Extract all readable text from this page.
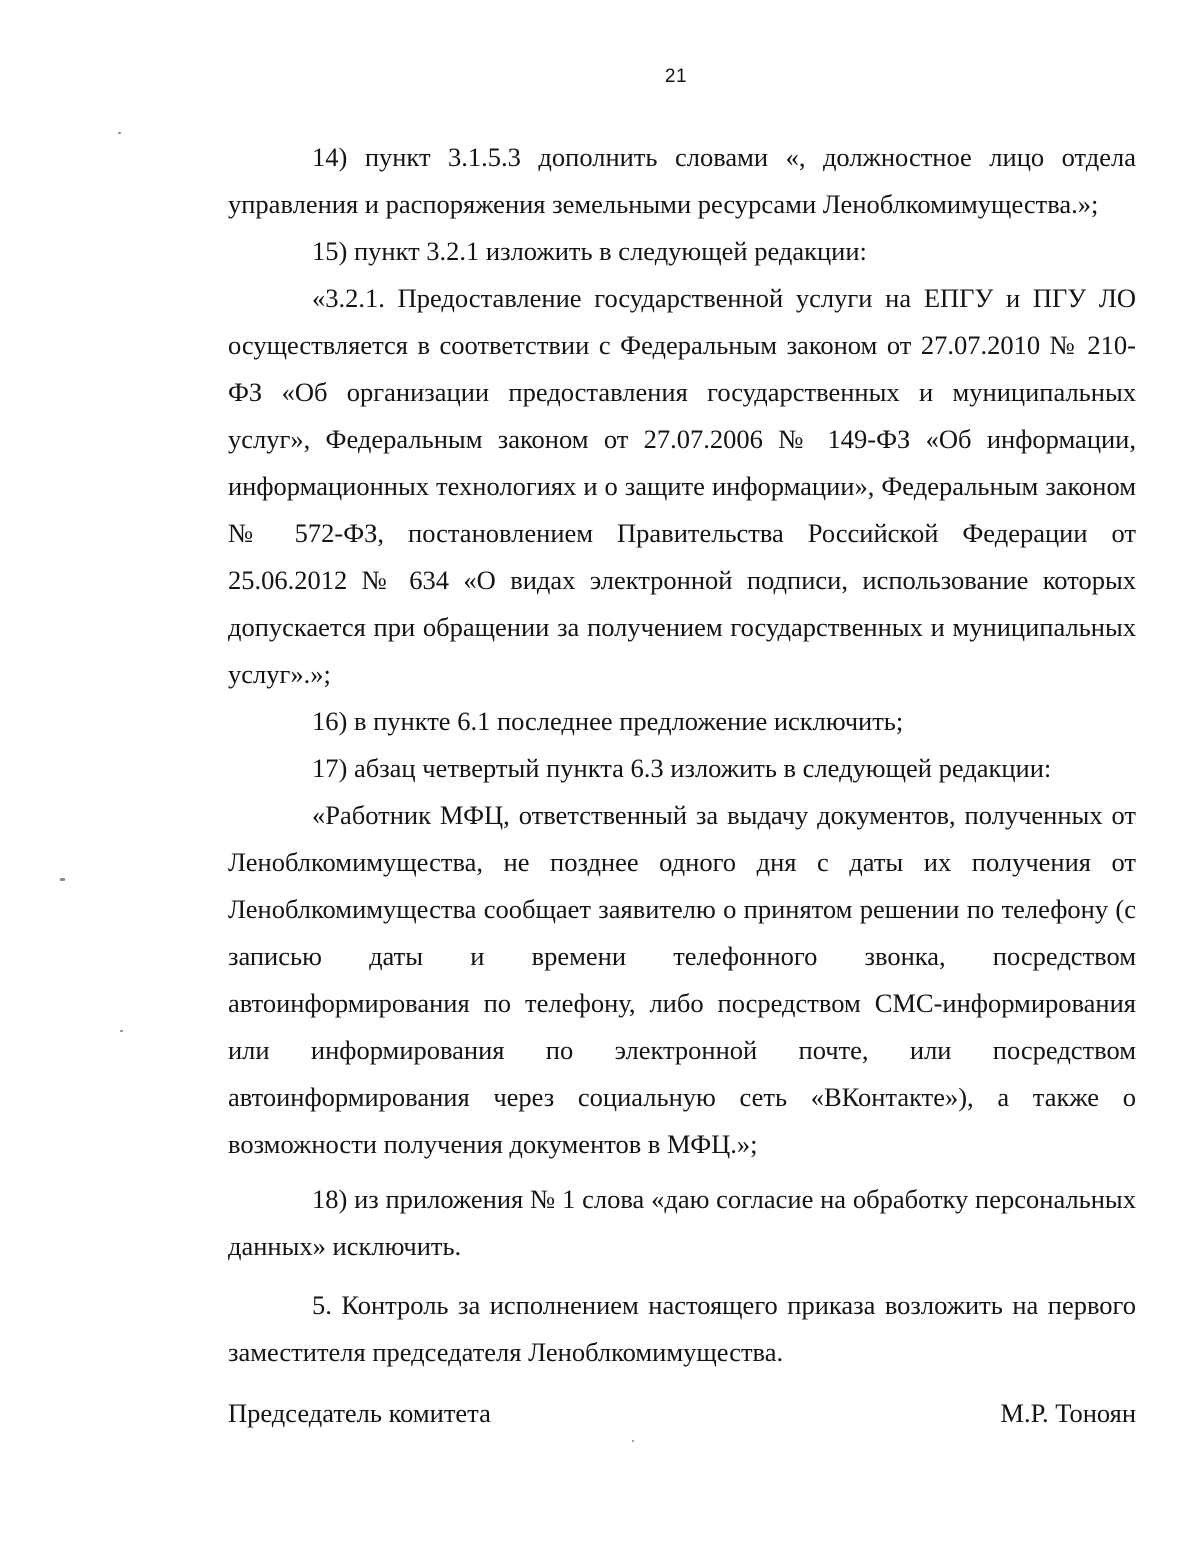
21

14) пункт 3.1.5.3 дополнить словами «, должностное лицо отдела управления и распоряжения земельными ресурсами Леноблкомимущества.»;

15) пункт 3.2.1 изложить в следующей редакции:

«3.2.1. Предоставление государственной услуги на ЕПГУ и ПГУ ЛО осуществляется в соответствии с Федеральным законом от 27.07.2010 № 210-ФЗ «Об организации предоставления государственных и муниципальных услуг», Федеральным законом от 27.07.2006 № 149-ФЗ «Об информации, информационных технологиях и о защите информации», Федеральным законом № 572-ФЗ, постановлением Правительства Российской Федерации от 25.06.2012 № 634 «О видах электронной подписи, использование которых допускается при обращении за получением государственных и муниципальных услуг».»;

16) в пункте 6.1 последнее предложение исключить;

17) абзац четвертый пункта 6.3 изложить в следующей редакции:

«Работник МФЦ, ответственный за выдачу документов, полученных от Леноблкомимущества, не позднее одного дня с даты их получения от Леноблкомимущества сообщает заявителю о принятом решении по телефону (с записью даты и времени телефонного звонка, посредством автоинформирования по телефону, либо посредством СМС-информирования или информирования по электронной почте, или посредством автоинформирования через социальную сеть «ВКонтакте»), а также о возможности получения документов в МФЦ.»;

18) из приложения № 1 слова «даю согласие на обработку персональных данных» исключить.

5. Контроль за исполнением настоящего приказа возложить на первого заместителя председателя Леноблкомимущества.

Председатель комитета	М.Р. Тоноян
